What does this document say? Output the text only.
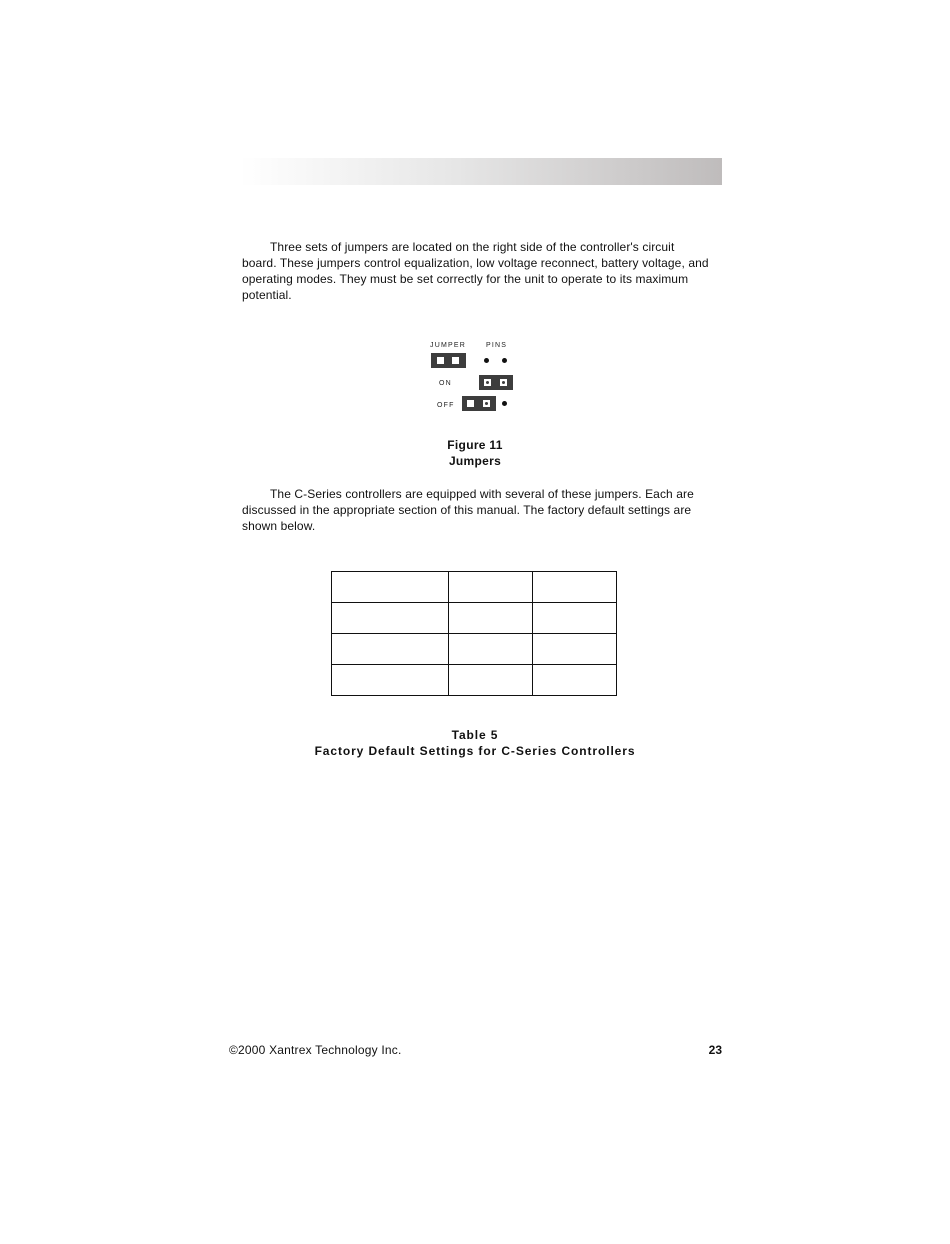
Three sets of jumpers are located on the right side of the controller's circuit board. These jumpers control equalization, low voltage reconnect, battery voltage, and operating modes. They must be set correctly for the unit to operate to its maximum potential.

JUMPER	PINS
ON
OFF
Figure 11
Jumpers

The C-Series controllers are equipped with several of these jumpers. Each are discussed in the appropriate section of this manual. The factory default settings are shown below.

Table 5
Factory Default Settings for C-Series Controllers
©2000 Xantrex Technology Inc.	23
